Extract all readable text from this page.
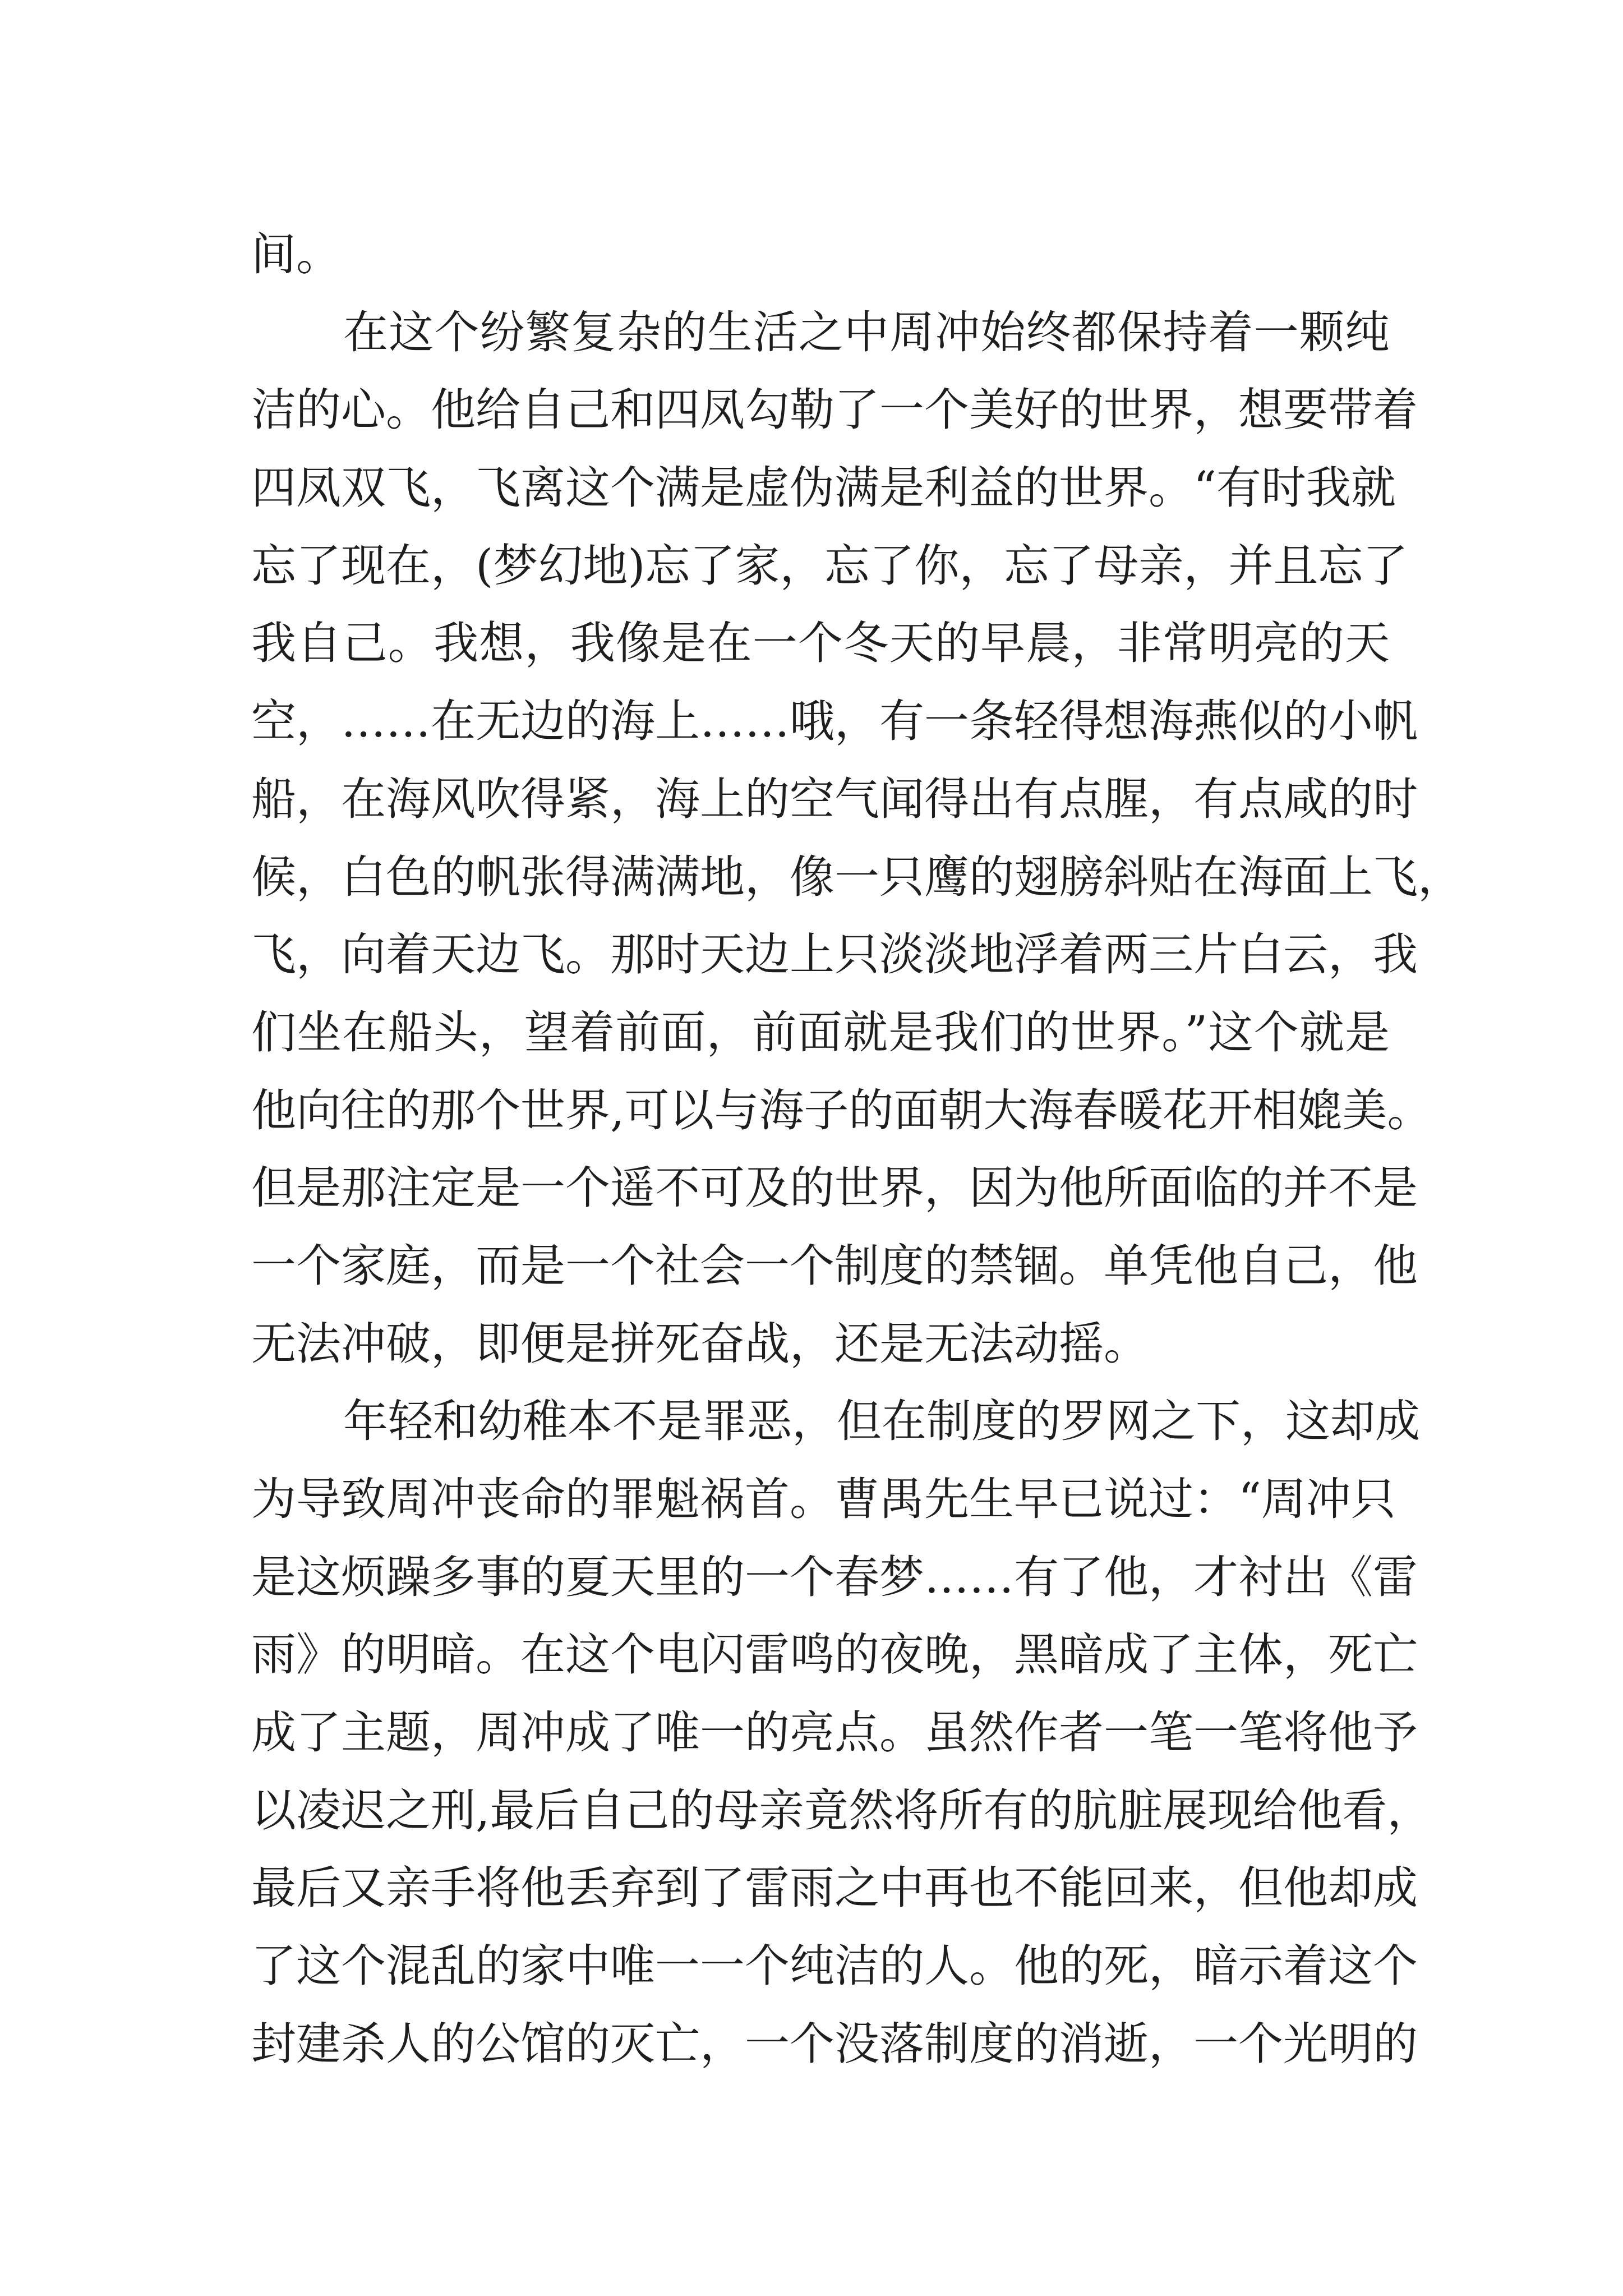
间。
在这个纷繁复杂的生活之中周冲始终都保持着一颗纯
洁的心。他给自己和四凤勾勒了一个美好的世界，想要带着
四凤双飞，飞离这个满是虚伪满是利益的世界。“有时我就
忘了现在，(梦幻地)忘了家，忘了你，忘了母亲，并且忘了
我自己。我想，我像是在一个冬天的早晨，非常明亮的天
空，……在无边的海上……哦，有一条轻得想海燕似的小帆
船，在海风吹得紧，海上的空气闻得出有点腥，有点咸的时
候，白色的帆张得满满地，像一只鹰的翅膀斜贴在海面上飞，
飞，向着天边飞。那时天边上只淡淡地浮着两三片白云，我
们坐在船头，望着前面，前面就是我们的世界。”这个就是
他向往的那个世界,可以与海子的面朝大海春暖花开相媲美。
但是那注定是一个遥不可及的世界，因为他所面临的并不是
一个家庭，而是一个社会一个制度的禁锢。单凭他自己，他
无法冲破，即便是拼死奋战，还是无法动摇。
年轻和幼稚本不是罪恶，但在制度的罗网之下，这却成
为导致周冲丧命的罪魁祸首。曹禺先生早已说过：“周冲只
是这烦躁多事的夏天里的一个春梦……有了他，才衬出《雷
雨》的明暗。在这个电闪雷鸣的夜晚，黑暗成了主体，死亡
成了主题，周冲成了唯一的亮点。虽然作者一笔一笔将他予
以凌迟之刑,最后自己的母亲竟然将所有的肮脏展现给他看，
最后又亲手将他丢弃到了雷雨之中再也不能回来，但他却成
了这个混乱的家中唯一一个纯洁的人。他的死，暗示着这个
封建杀人的公馆的灭亡，一个没落制度的消逝，一个光明的
